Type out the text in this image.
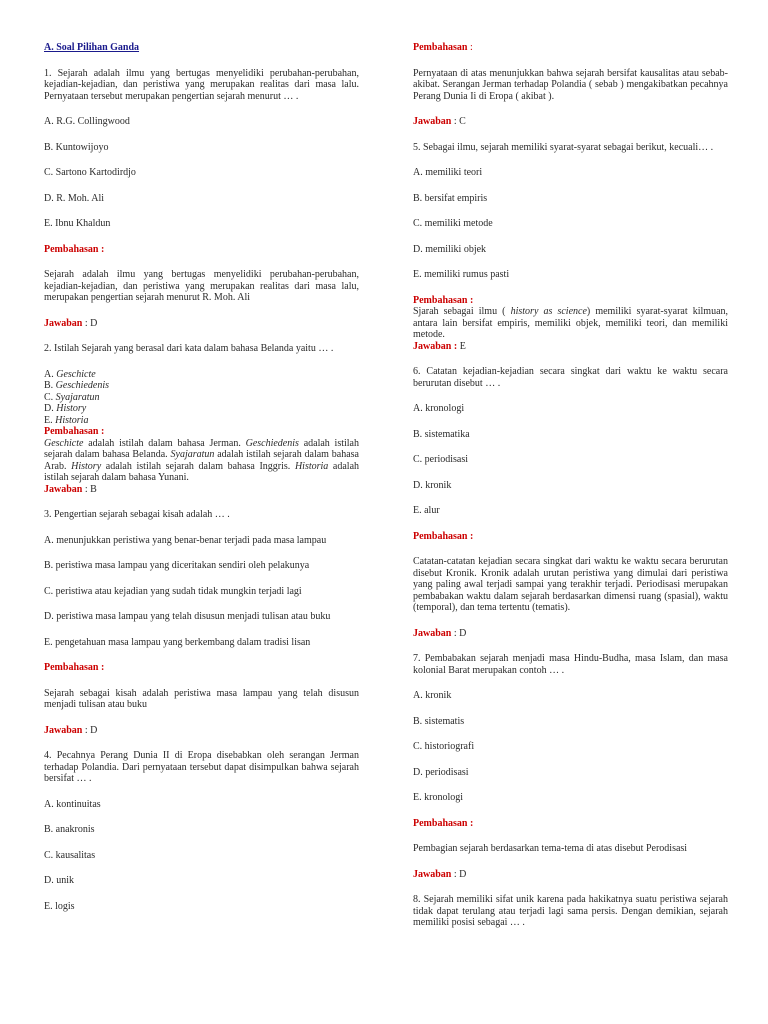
A. Soal Pilihan Ganda

1. Sejarah adalah ilmu yang bertugas menyelidiki perubahan-perubahan, kejadian-kejadian, dan peristiwa yang merupakan realitas dari masa lalu. Pernyataan tersebut merupakan pengertian sejarah menurut … .

A. R.G. Collingwood

B. Kuntowijoyo

C. Sartono Kartodirdjo

D. R. Moh. Ali

E. Ibnu Khaldun

Pembahasan :

Sejarah adalah ilmu yang bertugas menyelidiki perubahan-perubahan, kejadian-kejadian, dan peristiwa yang merupakan realitas dari masa lalu, merupakan pengertian sejarah menurut R. Moh. Ali

Jawaban : D

2. Istilah Sejarah yang berasal dari kata dalam bahasa Belanda yaitu … .

A. Geschicte

B. Geschiedenis

C. Syajaratun

D. History

E. Historia

Pembahasan :

Geschicte adalah istilah dalam bahasa Jerman. Geschiedenis adalah istilah sejarah dalam bahasa Belanda. Syajaratun adalah istilah sejarah dalam bahasa Arab. History adalah istilah sejarah dalam bahasa Inggris. Historia adalah istilah sejarah dalam bahasa Yunani.

Jawaban : B

3. Pengertian sejarah sebagai kisah adalah … .

A. menunjukkan peristiwa yang benar-benar terjadi pada masa lampau

B. peristiwa masa lampau yang diceritakan sendiri oleh pelakunya

C. peristiwa atau kejadian yang sudah tidak mungkin terjadi lagi

D. peristiwa masa lampau yang telah disusun menjadi tulisan atau buku

E. pengetahuan masa lampau yang berkembang dalam tradisi lisan

Pembahasan :

Sejarah sebagai kisah adalah peristiwa masa lampau yang telah disusun menjadi tulisan atau buku

Jawaban : D

4. Pecahnya Perang Dunia II di Eropa disebabkan oleh serangan Jerman terhadap Polandia. Dari pernyataan tersebut dapat disimpulkan bahwa sejarah bersifat … .

A. kontinuitas

B. anakronis

C. kausalitas

D. unik

E. logis

Pembahasan :

Pernyataan di atas menunjukkan bahwa sejarah bersifat kausalitas atau sebab- akibat. Serangan Jerman terhadap Polandia ( sebab ) mengakibatkan pecahnya Perang Dunia Ii di Eropa ( akibat ).

Jawaban : C

5. Sebagai ilmu, sejarah memiliki syarat-syarat sebagai berikut, kecuali… .

A. memiliki teori

B. bersifat empiris

C. memiliki metode

D. memiliki objek

E. memiliki rumus pasti

Pembahasan :

Sjarah sebagai ilmu ( history as science) memiliki syarat-syarat kilmuan, antara lain bersifat empiris, memiliki objek, memiliki teori, dan memiliki metode.

Jawaban : E

6. Catatan kejadian-kejadian secara singkat dari waktu ke waktu secara berurutan disebut … .

A. kronologi

B. sistematika

C. periodisasi

D. kronik

E. alur

Pembahasan :

Catatan-catatan kejadian secara singkat dari waktu ke waktu secara berurutan disebut Kronik. Kronik adalah urutan peristiwa yang dimulai dari peristiwa yang paling awal terjadi sampai yang terakhir terjadi. Periodisasi merupakan pembabakan waktu dalam sejarah berdasarkan dimensi ruang (spasial), waktu (temporal), dan tema tertentu (tematis).

Jawaban : D

7. Pembabakan sejarah menjadi masa Hindu-Budha, masa Islam, dan masa kolonial Barat merupakan contoh … .

A. kronik

B. sistematis

C. historiografi

D. periodisasi

E. kronologi

Pembahasan :

Pembagian sejarah berdasarkan tema-tema di atas disebut Perodisasi

Jawaban : D

8. Sejarah memiliki sifat unik karena pada hakikatnya suatu peristiwa sejarah tidak dapat terulang atau terjadi lagi sama persis. Dengan demikian, sejarah memiliki posisi sebagai … .
